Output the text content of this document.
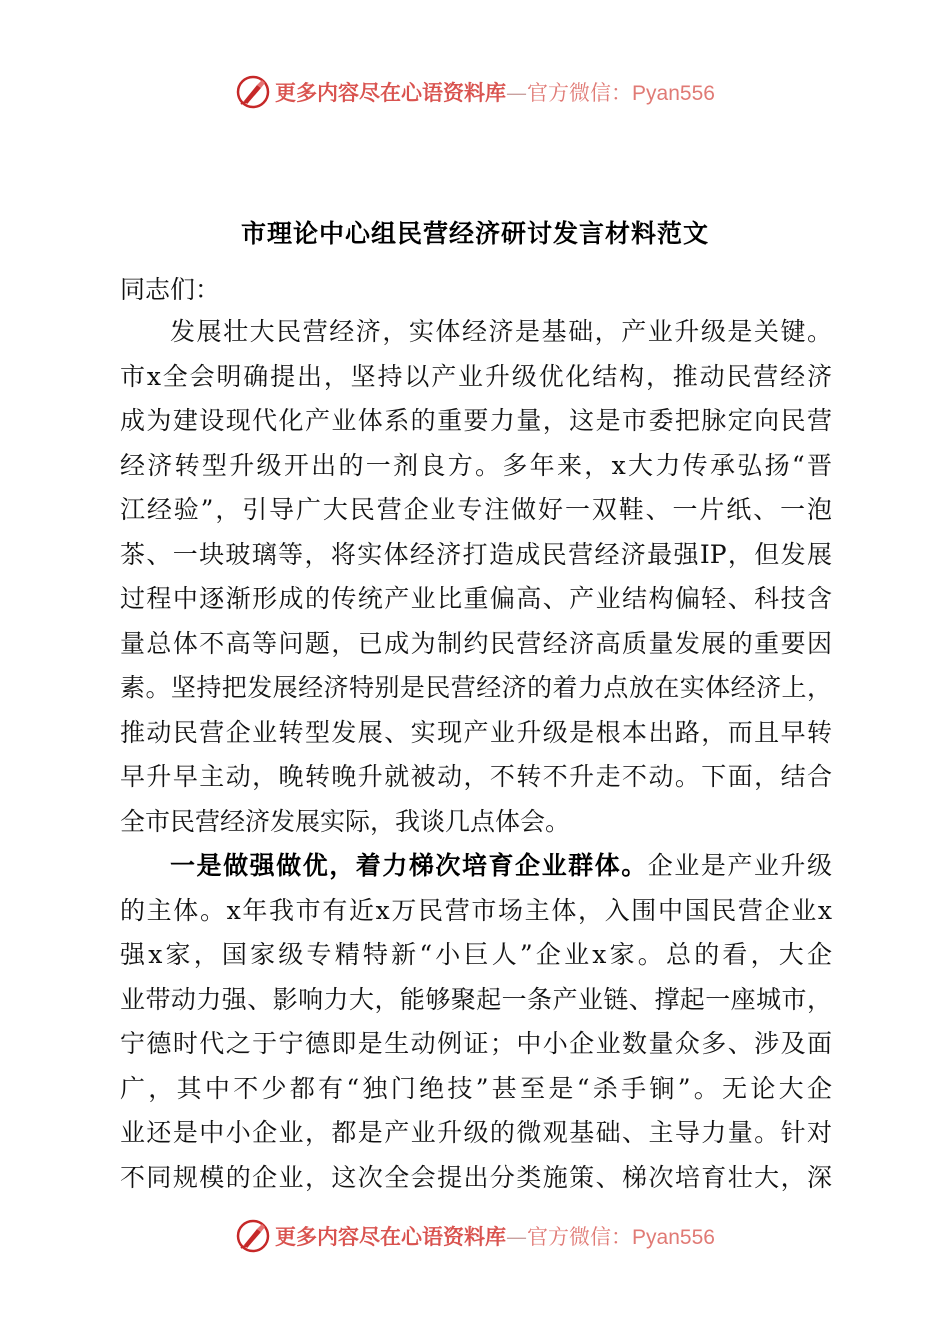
更多内容尽在心语资料库—官方微信：Pyan556
市理论中心组民营经济研讨发言材料范文
同志们：
发展壮大民营经济，实体经济是基础，产业升级是关键。
市x全会明确提出，坚持以产业升级优化结构，推动民营经济
成为建设现代化产业体系的重要力量，这是市委把脉定向民营
经济转型升级开出的一剂良方。多年来，x大力传承弘扬“晋
江经验”，引导广大民营企业专注做好一双鞋、一片纸、一泡
茶、一块玻璃等，将实体经济打造成民营经济最强IP，但发展
过程中逐渐形成的传统产业比重偏高、产业结构偏轻、科技含
量总体不高等问题，已成为制约民营经济高质量发展的重要因
素。坚持把发展经济特别是民营经济的着力点放在实体经济上，
推动民营企业转型发展、实现产业升级是根本出路，而且早转
早升早主动，晚转晚升就被动，不转不升走不动。下面，结合
全市民营经济发展实际，我谈几点体会。
一是做强做优，着力梯次培育企业群体。企业是产业升级
的主体。x年我市有近x万民营市场主体，入围中国民营企业x
强x家，国家级专精特新“小巨人”企业x家。总的看，大企
业带动力强、影响力大，能够聚起一条产业链、撑起一座城市，
宁德时代之于宁德即是生动例证；中小企业数量众多、涉及面
广，其中不少都有“独门绝技”甚至是“杀手锏”。无论大企
业还是中小企业，都是产业升级的微观基础、主导力量。针对
不同规模的企业，这次全会提出分类施策、梯次培育壮大，深
更多内容尽在心语资料库—官方微信：Pyan556
